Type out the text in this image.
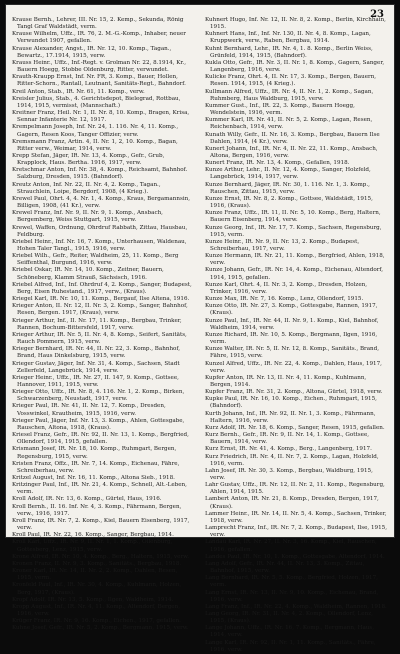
23
Krause Bernh., Lehrer, III. Nr. 15, 2. Kemp., Sekunda, Rönig Tangl Graf Waldstädt, verm.
Krause Wilhelm, Uffz., IR. 76, 2. M.-G.-Komp., Inhaber, neuer Verwundet 1907, gefallen.
Krause Alexander, Angst., IR. Nr. 12, 10. Komp., Tagan., Bewartz., 17.1914, 1915, verw.
Krauss Heinr., Uffz., Inf.-Regt. v. Grolman Nr. 22, 8.1914, Kr., Bauern Hoegg, Stobbe Oldenburg, Ritter, verwundet.
Krauth-Kraupp Ernst, Inf. Nr. FR, 3. Komp., Bauer, Hollen, Ritter-Schorn., Rantall, Leutnant, Sanitäts-Regt., Bahndorf.
Kreil Anton, Stab., IR. Nr. 61, 11. Komp., verw.
Kreisler Julius, Stab., 4. Gerichtsdepot, Bielegrad, Rottbau, 1914, 1915, vermisst, (Mannschaft.)
Kreitner Franz, Heil. Nr. 1, II. Nr. 8, 10. Komp., Bragen, Krisa, Sennar Infanterie Nr. 12, 1917.
Krempelmann Joseph, Inf. Nr. 24, 1. 116. Nr. 4, 11. Komp., Gagern, Resen Koos, Tanger Offizier, verw.
Kremsmann Franz, Artin. 4, II. Nr. 1, 2, 10. Komp., Bagan, Ritter verw., Weimar, 1914, verw.
Krepp Stefan, Jäger, IR. Nr. 13, 4. Komp., Gefr., Grub, Krapplock, Haus. Bertha. 1916, 1917, verw.
Kretschmar Anton, Inf. Nr. 38, 4. Komp., Reichsamt, Bahnhof. Salzburg, Dresden, 1915. (Bahndorf).
Kreutz Anton, Inf. Nr. 22, II. Nr. 4, 2. Komp., Tagan., Strauchlein, Loipe, Bergdorf, 1908, (4 Krieg.).
Krewel Paul, Ohrt. 4, 4. Nr. 1, 4. Komp., Kraus, Bergamannsin, Billigen, 1908, (41 Kr.), verw.
Krewel Franz, Inf. Nr. 9, II. Nr. 9, 1. Komp., Ansbach, Bergemberg, Weiss Stuttgart, 1915, verw.
Krewel, Waffen, Ordnung, Ohrdruf Rabbath, Zittau, Hausbau, Feldburg.
Kriebel Heinr., Inf. Nr. 16, 7. Komp., Unterhausen, Waldenau, Hohen Taler Tangl., 1915, 1916, verw.
Kriebel Wilh., Gefr., Reiter, Waldheim, 25, 11. Komp., Berg Seiffenthal, Burgund, 1916, verw.
Kriebel Oskar, IR. Nr. 14, 10. Komp., Zeitner, Bauern, Schöneberg, Klamm Strauß, Sächsisch, 1916.
Kriebel Alfred, Inf., Inf. Ohrdruf 4, 2. Komp., Sanger, Budapest, Berg, Eisen Ruhestand., 1917, verw., (Kraus).
Kriegel Karl, IR. Nr. 10, 11. Komp., Bergauf, Ilse Altena, 1916.
Krieger Anton, II. Nr. 12, II. Nr. 3, 2. Komp., Sanger, Bahnhof, Resen, Bergen. 1917, (Kraus), verw.
Krieger Arthur, Inf., II. Nr. 17, 11. Komp., Bergbau, Trinker, Rannen, Bochum-Bittersfeld, 1917, verw.
Krieger Arthur, IR. Nr. 5, II. Nr. 4, 8. Komp., Seifert, Sanitäts, Rauch Pommern, 1915, verw.
Krieger Bernhard, IR. Nr. 44, II. Nr. 22, 3. Komp., Bahnhof, Brand, Haus Dinkelsburg, 1915, verw.
Krieger Gustav, Jäger, Inf. Nr. 31, 4. Komp., Sachsen, Stadt Zellerfeld, Langebrück, 1914, verw.
Krieger Heinr., Uffz., IR. Nr. 27, II. 147, 9. Komp., Gottsee, Hannover, 1911, 1915, verw.
Krieger Otto, Uffz., IR. Nr. 8, 4. 116. Nr. 1, 2. Komp., Birken, Schwarzenberg, Neustadt, 1917, verw.
Krieger Paul, IR. Nr. 41, II. Nr. 12, 7. Komp., Dresden, Vosswinkel, Krautheim, 1915, 1916, verw.
Krieger Paul, Jäger, Inf. Nr. 13, 3. Komp., Ahlen, Gottesgabe, Rauschen, Altona, 1918, (Kraus).
Kriesel Franz, Gefr., IR. Nr. 92, II. Nr. 13, 1. Komp., Bergfried, Ollendorf, 1914, 1915, gefallen.
Krismann Josef, IR. Nr. 18, 10. Komp., Ruhmgart, Bergen, Regensburg, 1915, verw.
Kristen Franz, Offz., IR. Nr. 7, 14. Komp., Eichenau, Fähre, Schreiberhau, verw.
Kritzel August, Inf. Nr. 16, 11. Komp., Altona Sieb., 1918.
Kritzinger Paul, Inf., IR. Nr. 21, 4. Komp., Schnell, Alt.-Leben, verm.
Kroll Adolf, IR. Nr. 13, 6. Komp., Gürtel, Haus, 1916.
Kroll Bernh., II. 16. Inf. Nr. 4, 3. Komp., Fährmann, Bergen, verw., 1916, 1917.
Kroll Franz, IR. Nr. 7, 2. Komp., Kiel, Bauern Eisenberg, 1917, verw.
Kroll Paul, IR. Nr. 22, 16. Komp., Sanger, Bergbau, 1914.
Kroll Karl, Uffz., IR. Nr. 9, II. Nr. 1, 1. Komp., Ollenburg, Gottesberg, Lenz, 1915, verw.
Krone Alfred, IR. Nr. 10, 4. Komp., Berg., Haltern, 1915, verw.
Kronen Franz, II. Nr. 9, 3. Komp., Sanitäts., Bergbau, 1918.
Kroner Karl, IR. Nr. 14, II. Nr. 2, 2. Komp., Dahlen, Resen, 1915, verm.
Kronfeld Paul, Inf., IR. Nr. 30, 4. Komp., Kuhlmann, Holzen, Berg, 1917, (Kraus).
Kropf Adolf, IR. Nr. 13, 5. Komp., Ilgen, Waldheim, 1914.
Kropp August, Inf., IR. Nr. 4, 11. Komp., Altendorf, Bergen, 1916, verw.
Krüger Franz, IR. Nr. 9, 16. Komp., Eichen., 1917, gefallen.
Kuhne Josef, Gefr., IR. Nr. 5, 2. Komp., Bergmann, 1915, verw.
Kuhnert Hugo, Inf. Nr. 12, II. Nr. 8, 2. Komp., Berlin, Kirchhain, 1915.
Kuhnert Hans, Inf., Inf. Nr. 130, II. Nr. 4, 8. Komp., Lagan, Kruppwerk, verw., Raben, Bergbau, 1914.
Kuhnt Bernhard, Lehr., IR. Nr. 4, 1. 8. Komp., Berlin Weiss, Grünfeld, 1914, 1915, (Bahndorf).
Kukla Otto, Gefr., IR. Nr. 3, II. Nr. 1, 8. Komp., Gagern, Sanger, Langenberg, 1916, verw.
Kulicke Franz, Ohrt. 4, II. Nr. 17, 3. Komp., Bergen, Bauern, Resen. 1914, 1915, (4 Krieg.).
Kullmann Alfred, Uffz., IR. Nr. 4, II. Nr. 1, 2. Komp., Sagan, Ruhmberg, Haus Waldburg, 1915, verw.
Kummer Gust., Inf., IR. 22, 3. Komp., Bauern Hoegg, Wendelstein, 1916, verm.
Kummer Karl, IR. Nr. 41, II. Nr. 5, 2. Komp., Lagan, Resen, Reichenbach, 1914, verw.
Kunath Willy, Gefr., II. Nr. 16, 3. Komp., Bergbau, Bauern Ilse Dahlen, 1914, (4 Kr.), verw.
Kunert Johann, Inf., IR. Nr. 4, II. Nr. 22, 11. Komp., Ansbach, Altona, Bergen, 1916, verw.
Kunert Franz, IR. Nr. 13, 4. Komp., Gefallen, 1918.
Kunze Arthur, Lehr., II. Nr. 12, 4. Komp., Sanger, Holzfeld, Langebrück, 1914, 1917, verw.
Kunze Bernhard, Jäger, IR. Nr. 30, 1. 116. Nr. 1, 3. Komp., Rauschen, Zittau, 1915, verw.
Kunze Ernst, IR. Nr. 8, 2. Komp., Gottsee, Waldstädt, 1915, 1916, (Kraus).
Kunze Franz, Uffz., IR. 11, II. Nr. 5, 10. Komp., Berg, Haltern, Bauern Eisenberg, 1914, verw.
Kunze Georg, Inf., IR. Nr. 17, 7. Komp., Sachsen, Regensburg, 1915, verm.
Kunze Heinr., IR. Nr. 9, II. Nr. 13, 2. Komp., Budapest, Schreiberhau, 1917, verw.
Kunze Hermann, IR. Nr. 21, 11. Komp., Bergfried, Ahlen, 1918, verw.
Kunze Johann, Gefr., IR. Nr. 14, 4. Komp., Eichenau, Altendorf, 1914, 1915, gefallen.
Kunze Karl, Ohrt. 4, II. Nr. 3, 2. Komp., Dresden, Holzen, Trinker, 1916, verw.
Kunze Max, IR. Nr. 7, 16. Komp., Lenz, Ollendorf, 1915.
Kunze Otto, IR. Nr. 27, 3. Komp., Gottesgabe, Rannen, 1917, (Kraus).
Kunze Paul, Inf., IR. Nr. 44, II. Nr. 9, 1. Komp., Kiel, Bahnhof, Waldheim, 1914, verw.
Kunze Richard, IR. Nr. 10, 5. Komp., Bergmann, Ilgen, 1916, verm.
Kunze Walter, IR. Nr. 5, II. Nr. 12, 8. Komp., Sanitäts., Brand, Fähre, 1915, verw.
Kunzel Alfred, Uffz., IR. Nr. 22, 4. Komp., Dahlen, Haus, 1917, verw.
Kupfer Anton, IR. Nr. 13, II. Nr. 4, 11. Komp., Kuhlmann, Bergen, 1914.
Kupfer Franz, IR. Nr. 31, 2. Komp., Altona, Gürtel, 1918, verw.
Kupke Paul, IR. Nr. 16, 10. Komp., Eichen., Ruhmgart, 1915, (Bahndorf).
Kurth Johann, Inf., IR. Nr. 92, II. Nr. 1, 3. Komp., Fährmann, Haltern, 1916, verw.
Kurz Adolf, IR. Nr. 18, 6. Komp., Sanger, Resen, 1915, gefallen.
Kurz Bernh., Gefr., IR. Nr. 9, II. Nr. 14, 1. Komp., Gottsee, Bauern, 1914, verw.
Kurz Ernst, IR. Nr. 41, 4. Komp., Berg., Langenberg, 1917.
Kurz Friedrich, IR. Nr. 4, II. Nr. 7, 2. Komp., Lagan, Holzfeld, 1916, verm.
Lahn Josef, IR. Nr. 30, 3. Komp., Bergbau, Waldburg, 1915, verw.
Lahr Gustav, Uffz., IR. Nr. 12, II. Nr. 2, 11. Komp., Regensburg, Ahlen, 1914, 1915.
Lambert Anton, IR. Nr. 21, 8. Komp., Dresden, Bergen, 1917, (Kraus).
Lammer Heinr., IR. Nr. 14, II. Nr. 5, 4. Komp., Sachsen, Trinker, 1918, verw.
Lamprecht Franz, Inf., IR. Nr. 7, 2. Komp., Budapest, Ilse, 1915, verw.
Landau Karl, IR. Nr. 27, II. Nr. 3, 16. Komp., Kiel, Rauschen, 1916, gefallen.
Landes Paul, IR. Nr. 10, 1. Komp., Gottesgabe, Altendorf, 1914.
Lang Adolf, Gefr., IR. Nr. 44, II. Nr. 13, 3. Komp., Zittau, Bahnhof, 1915, verw.
Lang Bernhard, IR. Nr. 5, 5. Komp., Bergfried, Holzen, 1917, verm.
Lang Ernst, IR. Nr. 13, II. Nr. 9, 10. Komp., Eichenau, Brand, 1916, verw.
Lang Franz, Inf., IR. Nr. 22, 4. Komp., Waldheim, Rannen, 1918.
Lang Georg, IR. Nr. 31, II. Nr. 4, 2. Komp., Ollendorf, Lenz, 1915, (Kraus).
Lange Johann, Uffz., IR. Nr. 16, 7. Komp., Bergmann, Haus, 1914, verw.
Lange Karl, IR. Nr. 92, II. Nr. 1, 11. Komp., Sanitäts., Fähre, 1916, verw.
